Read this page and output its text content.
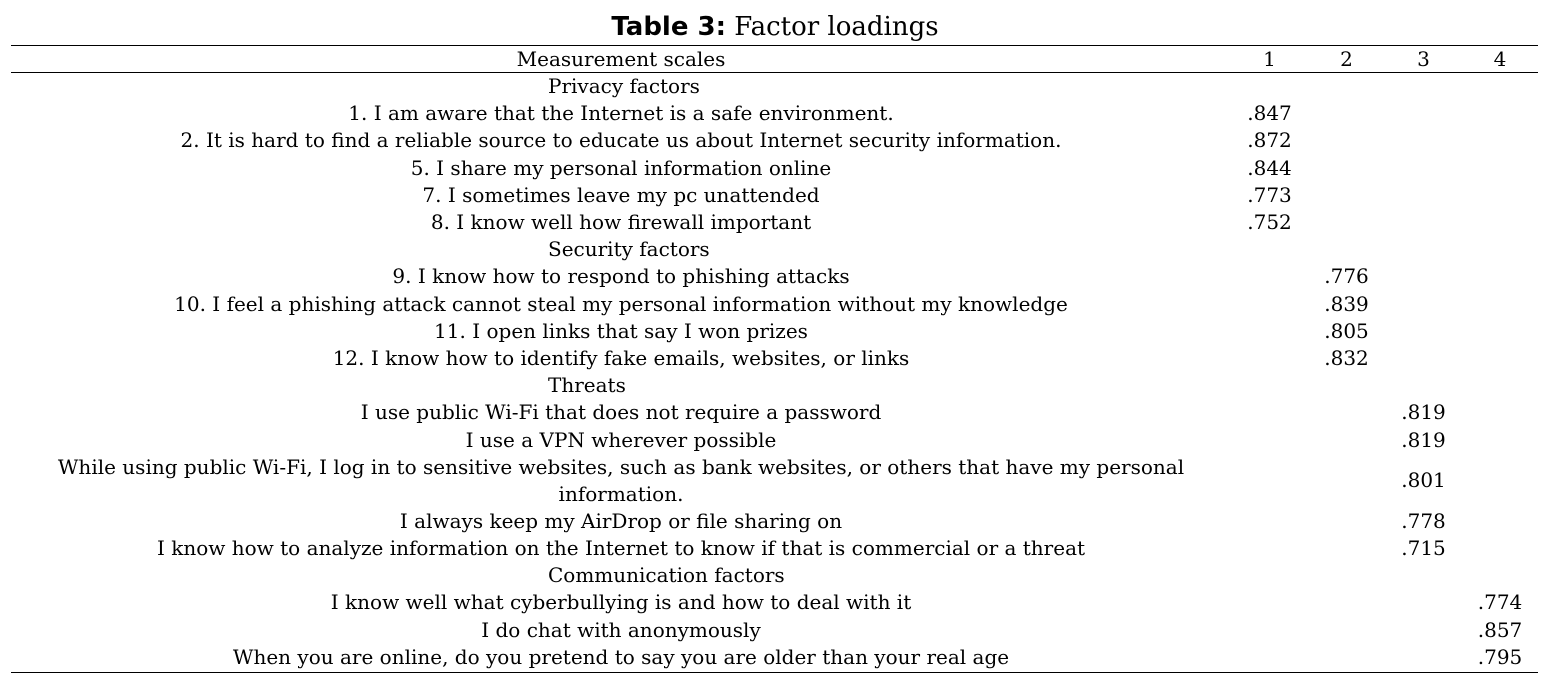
Table 3: Factor loadings
Measurement scales	1	2	3	4
Privacy factors				
1. I am aware that the Internet is a safe environment.	.847			
2. It is hard to find a reliable source to educate us about Internet security information.	.872			
5. I share my personal information online	.844			
7. I sometimes leave my pc unattended	.773			
8. I know well how firewall important	.752			
Security factors				
9. I know how to respond to phishing attacks		.776		
10. I feel a phishing attack cannot steal my personal information without my knowledge		.839		
11. I open links that say I won prizes		.805		
12. I know how to identify fake emails, websites, or links		.832		
Threats				
I use public Wi-Fi that does not require a password			.819	
I use a VPN wherever possible			.819	
While using public Wi-Fi, I log in to sensitive websites, such as bank websites, or others that have my personal information.			.801	
I always keep my AirDrop or file sharing on			.778	
I know how to analyze information on the Internet to know if that is commercial or a threat			.715	
Communication factors				
I know well what cyberbullying is and how to deal with it				.774
I do chat with anonymously				.857
When you are online, do you pretend to say you are older than your real age				.795
